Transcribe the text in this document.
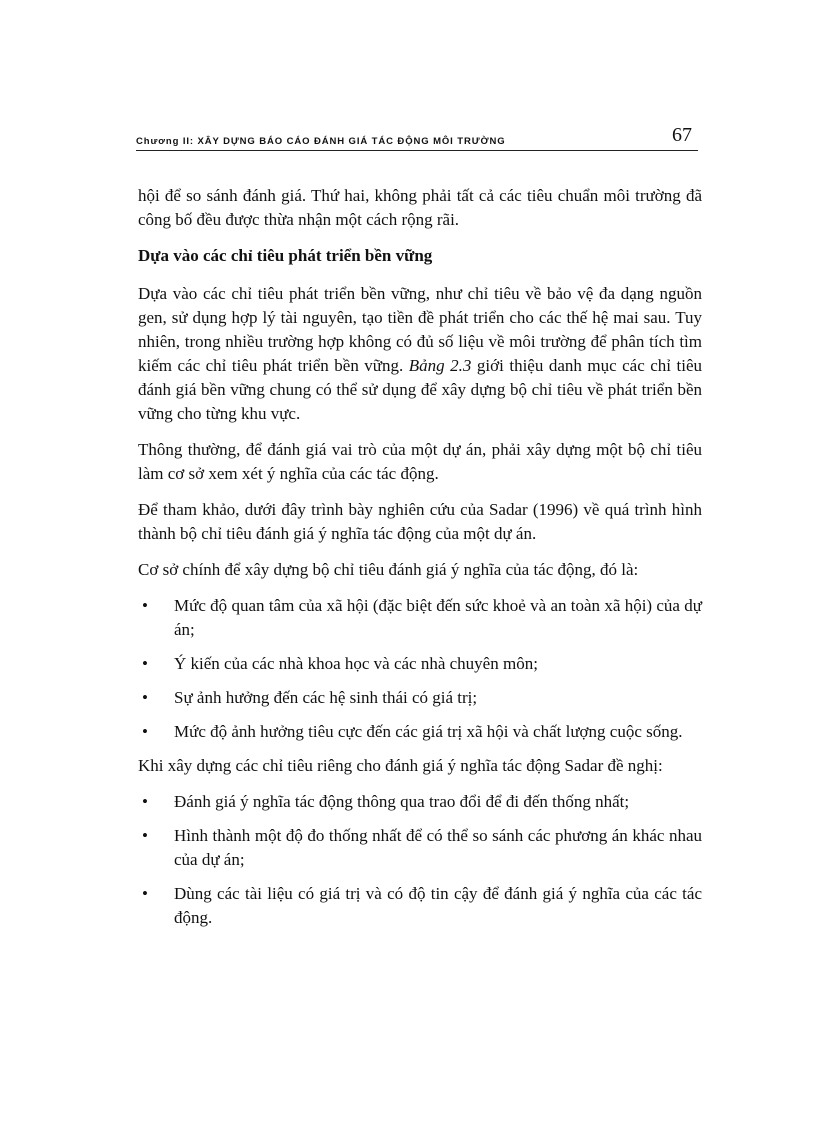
Chương II: XÂY DỰNG BÁO CÁO ĐÁNH GIÁ TÁC ĐỘNG MÔI TRƯỜNG	67

hội để so sánh đánh giá. Thứ hai, không phải tất cả các tiêu chuẩn môi trường đã công bố đều được thừa nhận một cách rộng rãi.

Dựa vào các chỉ tiêu phát triển bền vững

Dựa vào các chỉ tiêu phát triển bền vững, như chỉ tiêu về bảo vệ đa dạng nguồn gen, sử dụng hợp lý tài nguyên, tạo tiền đề phát triển cho các thế hệ mai sau. Tuy nhiên, trong nhiều trường hợp không có đủ số liệu về môi trường để phân tích tìm kiếm các chỉ tiêu phát triển bền vững. Bảng 2.3 giới thiệu danh mục các chỉ tiêu đánh giá bền vững chung có thể sử dụng để xây dựng bộ chỉ tiêu về phát triển bền vững cho từng khu vực.

Thông thường, để đánh giá vai trò của một dự án, phải xây dựng một bộ chỉ tiêu làm cơ sở xem xét ý nghĩa của các tác động.

Để tham khảo, dưới đây trình bày nghiên cứu của Sadar (1996) về quá trình hình thành bộ chỉ tiêu đánh giá ý nghĩa tác động của một dự án.

Cơ sở chính để xây dựng bộ chỉ tiêu đánh giá ý nghĩa của tác động, đó là:

• Mức độ quan tâm của xã hội (đặc biệt đến sức khoẻ và an toàn xã hội) của dự án;
• Ý kiến của các nhà khoa học và các nhà chuyên môn;
• Sự ảnh hưởng đến các hệ sinh thái có giá trị;
• Mức độ ảnh hưởng tiêu cực đến các giá trị xã hội và chất lượng cuộc sống.

Khi xây dựng các chỉ tiêu riêng cho đánh giá ý nghĩa tác động Sadar đề nghị:

• Đánh giá ý nghĩa tác động thông qua trao đổi để đi đến thống nhất;
• Hình thành một độ đo thống nhất để có thể so sánh các phương án khác nhau của dự án;
• Dùng các tài liệu có giá trị và có độ tin cậy để đánh giá ý nghĩa của các tác động.
